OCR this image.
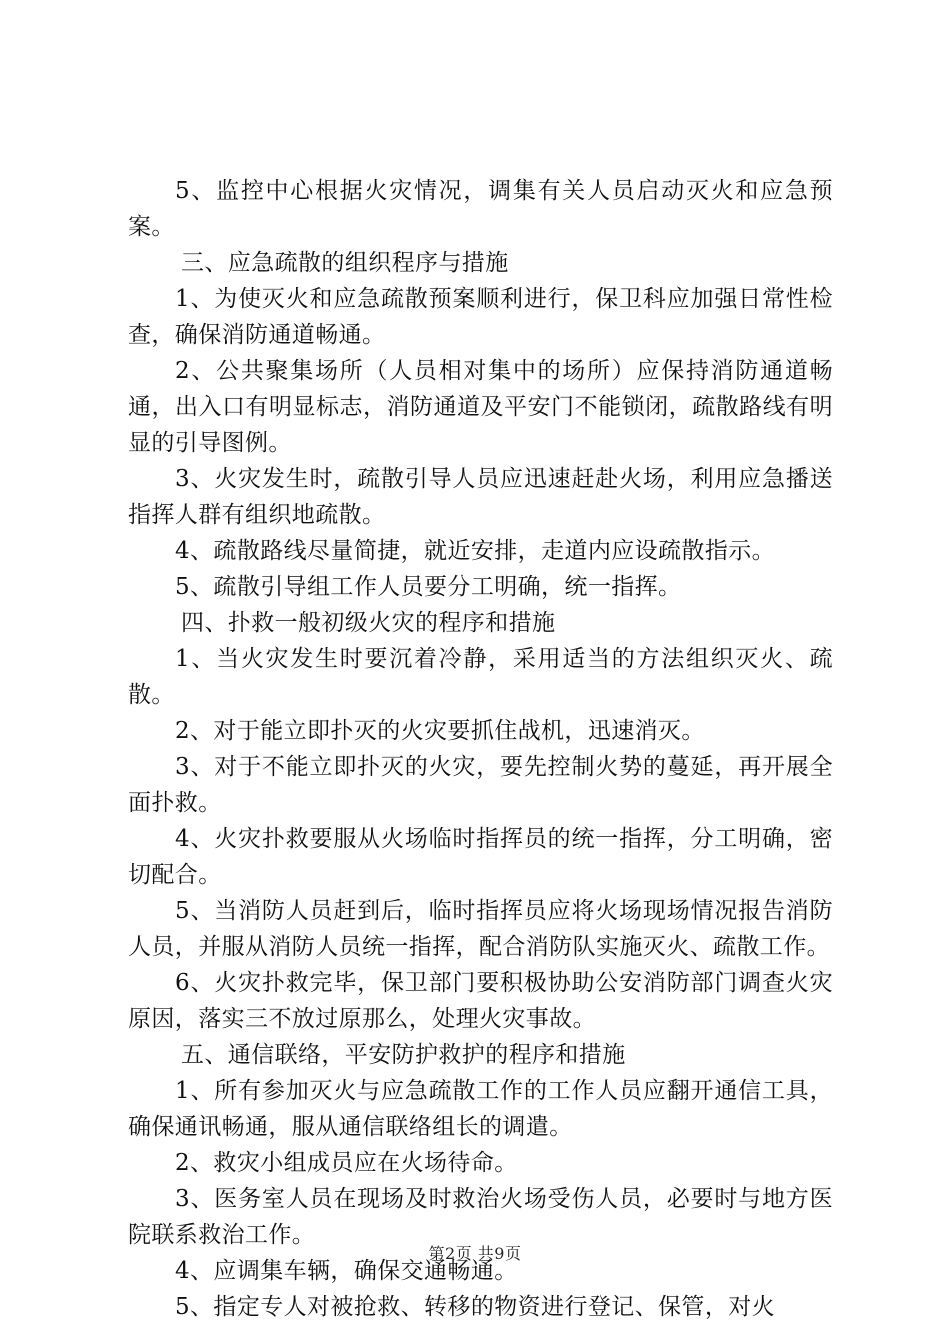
5、监控中心根据火灾情况，调集有关人员启动灭火和应急预案。

三、应急疏散的组织程序与措施

1、为使灭火和应急疏散预案顺利进行，保卫科应加强日常性检查，确保消防通道畅通。

2、公共聚集场所（人员相对集中的场所）应保持消防通道畅通，出入口有明显标志，消防通道及平安门不能锁闭，疏散路线有明显的引导图例。

3、火灾发生时，疏散引导人员应迅速赶赴火场，利用应急播送指挥人群有组织地疏散。

4、疏散路线尽量简捷，就近安排，走道内应设疏散指示。

5、疏散引导组工作人员要分工明确，统一指挥。

四、扑救一般初级火灾的程序和措施

1、当火灾发生时要沉着冷静，采用适当的方法组织灭火、疏散。

2、对于能立即扑灭的火灾要抓住战机，迅速消灭。

3、对于不能立即扑灭的火灾，要先控制火势的蔓延，再开展全面扑救。

4、火灾扑救要服从火场临时指挥员的统一指挥，分工明确，密切配合。

5、当消防人员赶到后，临时指挥员应将火场现场情况报告消防人员，并服从消防人员统一指挥，配合消防队实施灭火、疏散工作。

6、火灾扑救完毕，保卫部门要积极协助公安消防部门调查火灾原因，落实三不放过原那么，处理火灾事故。

五、通信联络，平安防护救护的程序和措施

1、所有参加灭火与应急疏散工作的工作人员应翻开通信工具，确保通讯畅通，服从通信联络组长的调遣。

2、救灾小组成员应在火场待命。

3、医务室人员在现场及时救治火场受伤人员，必要时与地方医院联系救治工作。

4、应调集车辆，确保交通畅通。

5、指定专人对被抢救、转移的物资进行登记、保管，对火

第2页 共9页
